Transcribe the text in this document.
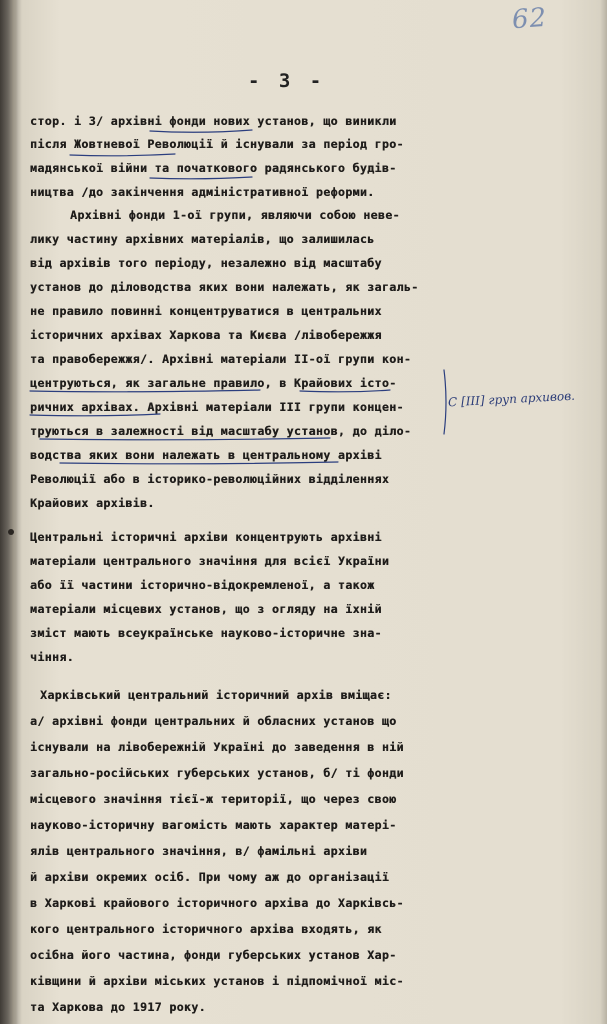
62
- 3 -
стор. і 3/ архівні фонди нових установ, що виникли
після Жовтневої Революції й існували за період гро-
мадянської війни та початкового радянського будів-
ництва /до закінчення адміністративної реформи.
Архівні фонди 1-ої групи, являючи собою неве-
лику частину архівних матеріалів, що залишилась
від архівів того періоду, незалежно від масштабу
установ до діловодства яких вони належать, як загаль-
не правило повинні концентруватися в центральних
історичних архівах Харкова та Києва /лівобережжя
та правобережжя/. Архівні матеріали ІІ-ої групи кон-
центруються, як загальне правило, в Крайових істо-
ричних архівах. Архівні матеріали ІІІ групи концен-
труються в залежності від масштабу установ, до діло-
водства яких вони належать в центральному архіві
Революції або в історико-революційних відділеннях
Крайових архівів.
Центральні історичні архіви концентрують архівні
матеріали центрального значіння для всієї України
або її частини історично-відокремленої, а також
матеріали місцевих установ, що з огляду на їхній
зміст мають всеукраїнське науково-історичне зна-
чіння.
Харківський центральний історичний архів вміщає:
а/ архівні фонди центральних й обласних установ що
існували на лівобережній Україні до заведення в ній
загально-російських губерських установ, б/ ті фонди
місцевого значіння тієї-ж території, що через свою
науково-історичну вагомість мають характер матері-
ялів центрального значіння, в/ фамільні архіви
й архіви окремих осіб. При чому аж до організації
в Харкові крайового історичного архіва до Харківсь-
кого центрального історичного архіва входять, як
осібна його частина, фонди губерських установ Хар-
ківщини й архіви міських установ і підпомічної міс-
та Харкова до 1917 року.
С [III] груп архивов.
